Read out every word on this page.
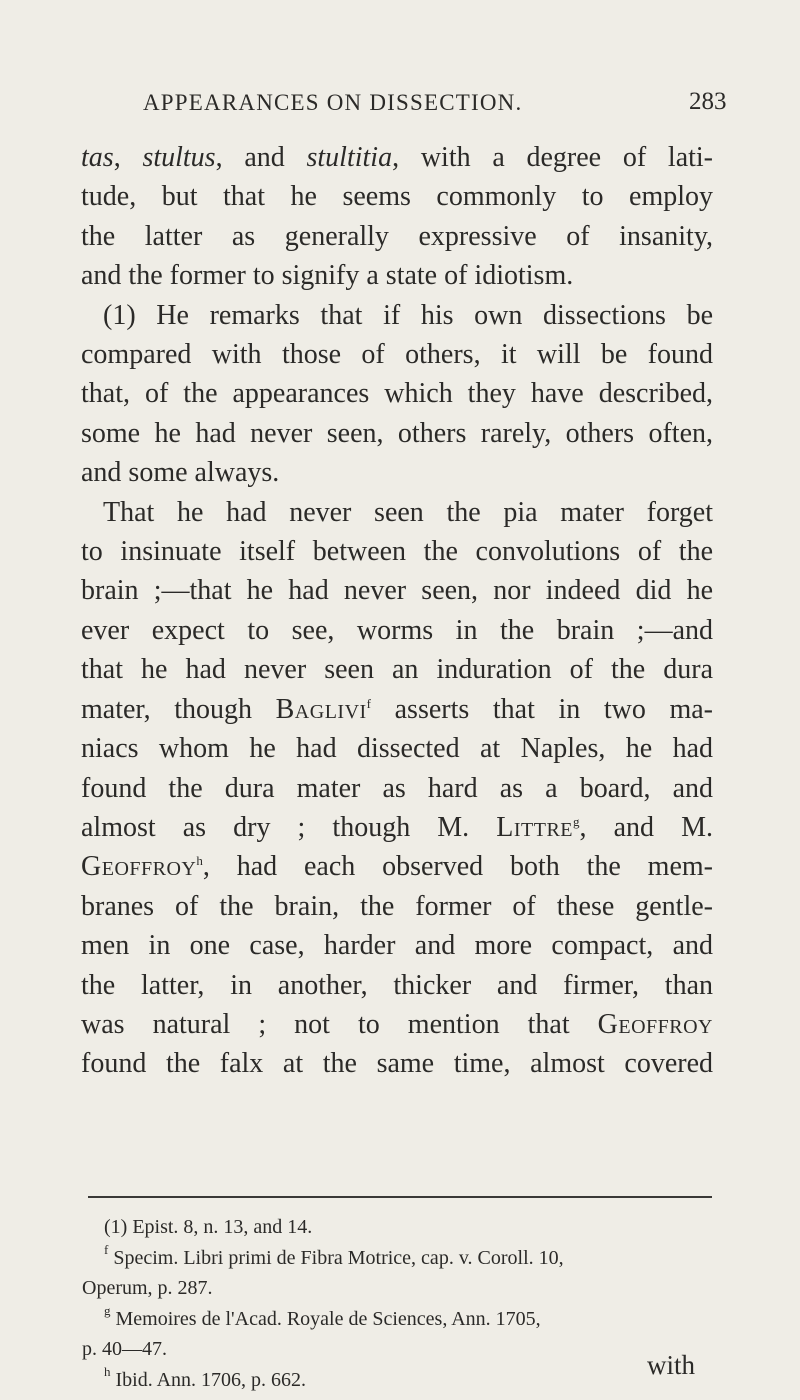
APPEARANCES ON DISSECTION.	283
tas, stultus, and stultitia, with a degree of lati-
tude, but that he seems commonly to employ
the latter as generally expressive of insanity,
and the former to signify a state of idiotism.
(1) He remarks that if his own dissections be
compared with those of others, it will be found
that, of the appearances which they have described,
some he had never seen, others rarely, others often,
and some always.
That he had never seen the pia mater forget
to insinuate itself between the convolutions of the
brain ;—that he had never seen, nor indeed did he
ever expect to see, worms in the brain ;—and
that he had never seen an induration of the dura
mater, though Baglivi$^f$ asserts that in two ma-
niacs whom he had dissected at Naples, he had
found the dura mater as hard as a board, and
almost as dry ; though M. Littre$^g$, and M.
Geoffroy$^h$, had each observed both the mem-
branes of the brain, the former of these gentle-
men in one case, harder and more compact, and
the latter, in another, thicker and firmer, than
was natural ; not to mention that Geoffroy
found the falx at the same time, almost covered
(1) Epist. 8, n. 13, and 14.
$^f$ Specim. Libri primi de Fibra Motrice, cap. v. Coroll. 10,
Operum, p. 287.
$^g$ Memoires de l'Acad. Royale de Sciences, Ann. 1705,
p. 40—47.
$^h$ Ibid. Ann. 1706, p. 662.	with
